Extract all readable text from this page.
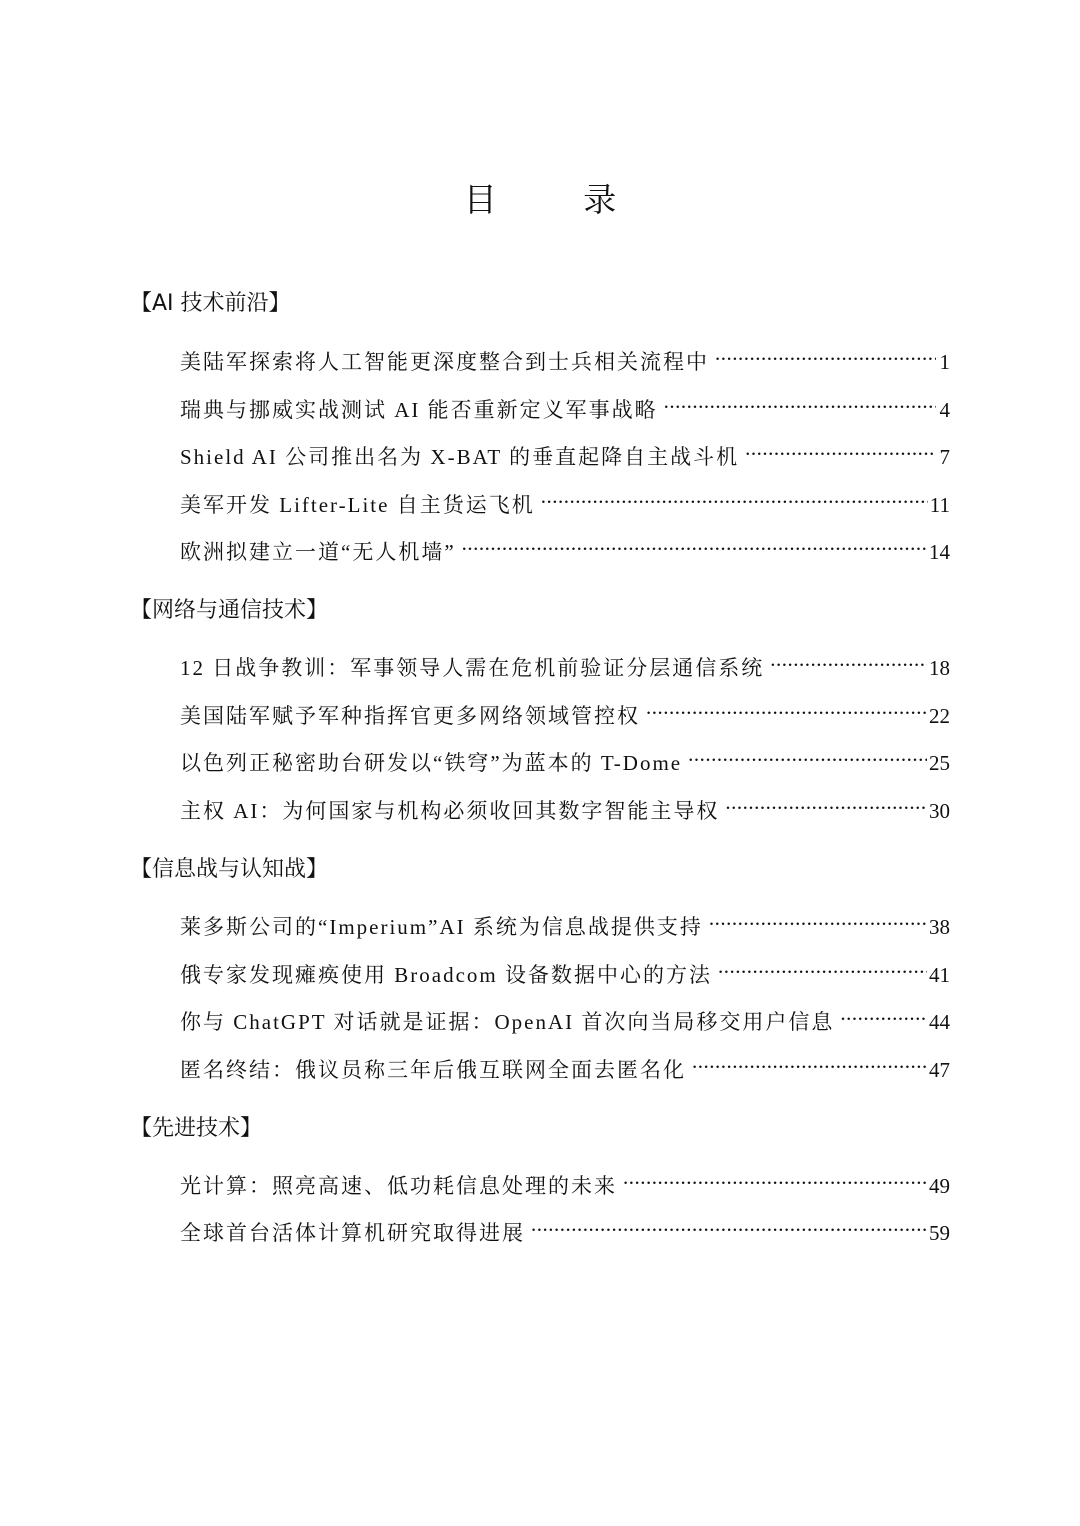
目 录
【AI 技术前沿】
美陆军探索将人工智能更深度整合到士兵相关流程中 .....	1
瑞典与挪威实战测试 AI 能否重新定义军事战略 .....	4
Shield AI 公司推出名为 X-BAT 的垂直起降自主战斗机 .....	7
美军开发 Lifter-Lite 自主货运飞机 .....	11
欧洲拟建立一道“无人机墙” .....	14
【网络与通信技术】
12 日战争教训：军事领导人需在危机前验证分层通信系统 .....	18
美国陆军赋予军种指挥官更多网络领域管控权 .....	22
以色列正秘密助台研发以“铁穹”为蓝本的 T-Dome .....	25
主权 AI：为何国家与机构必须收回其数字智能主导权 .....	30
【信息战与认知战】
莱多斯公司的“Imperium”AI 系统为信息战提供支持 .....	38
俄专家发现瘫痪使用 Broadcom 设备数据中心的方法 .....	41
你与 ChatGPT 对话就是证据：OpenAI 首次向当局移交用户信息 .....	44
匿名终结：俄议员称三年后俄互联网全面去匿名化 .....	47
【先进技术】
光计算：照亮高速、低功耗信息处理的未来 .....	49
全球首台活体计算机研究取得进展 .....	59
